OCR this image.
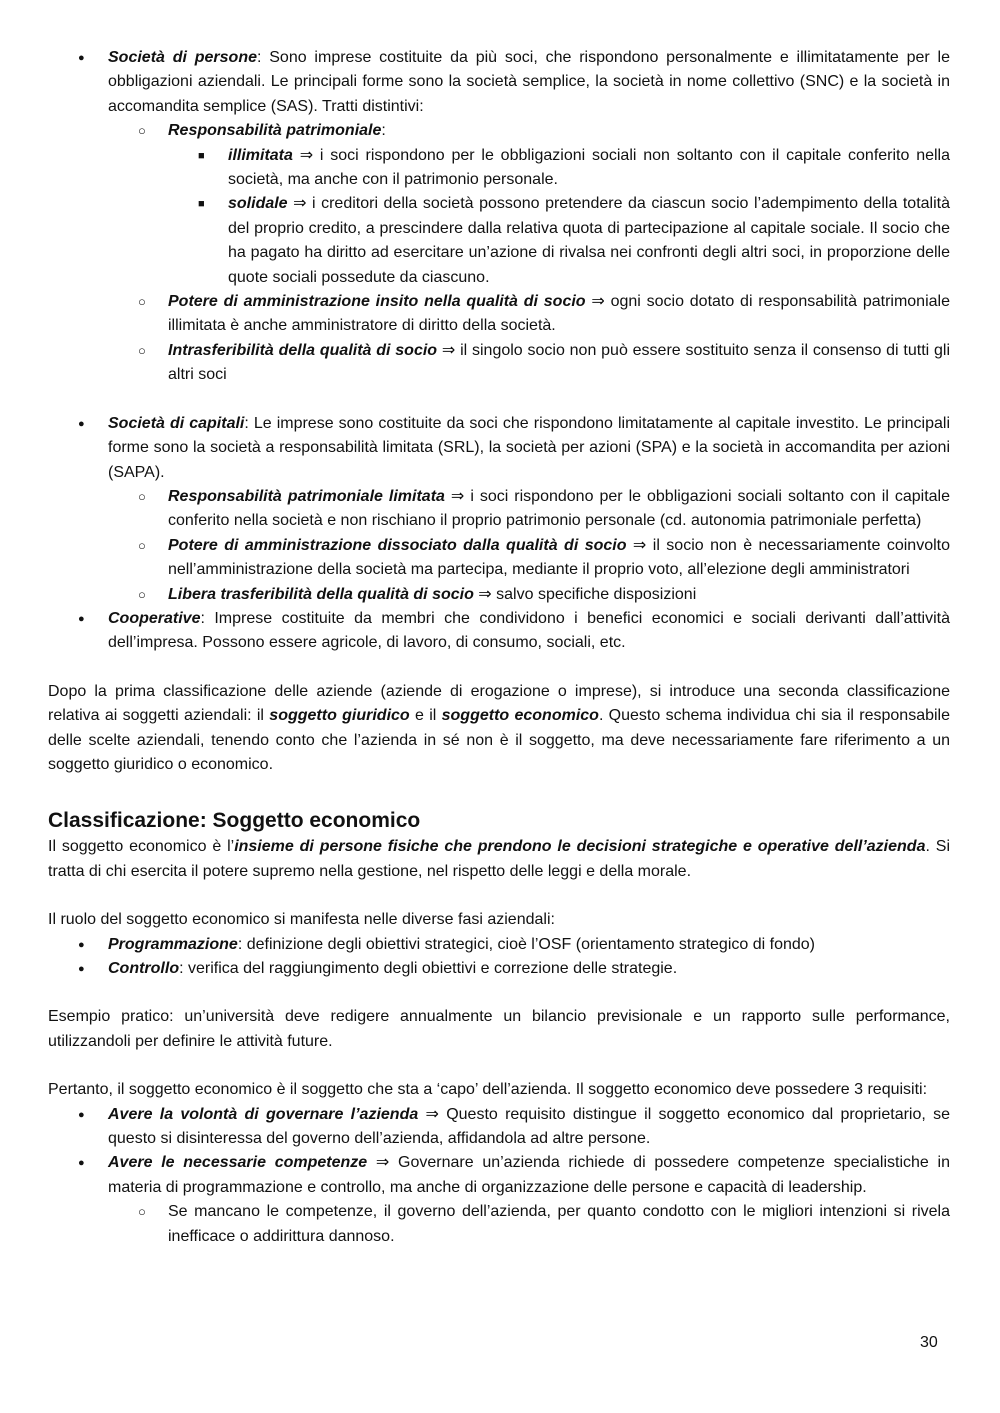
● Società di persone: Sono imprese costituite da più soci, che rispondono personalmente e illimitatamente per le obbligazioni aziendali. Le principali forme sono la società semplice, la società in nome collettivo (SNC) e la società in accomandita semplice (SAS). Tratti distintivi:
○ Responsabilità patrimoniale:
■ illimitata ⇒ i soci rispondono per le obbligazioni sociali non soltanto con il capitale conferito nella società, ma anche con il patrimonio personale.
■ solidale ⇒ i creditori della società possono pretendere da ciascun socio l’adempimento della totalità del proprio credito, a prescindere dalla relativa quota di partecipazione al capitale sociale. Il socio che ha pagato ha diritto ad esercitare un’azione di rivalsa nei confronti degli altri soci, in proporzione delle quote sociali possedute da ciascuno.
○ Potere di amministrazione insito nella qualità di socio ⇒ ogni socio dotato di responsabilità patrimoniale illimitata è anche amministratore di diritto della società.
○ Intrasferibilità della qualità di socio ⇒ il singolo socio non può essere sostituito senza il consenso di tutti gli altri soci
● Società di capitali: Le imprese sono costituite da soci che rispondono limitatamente al capitale investito. Le principali forme sono la società a responsabilità limitata (SRL), la società per azioni (SPA) e la società in accomandita per azioni (SAPA).
○ Responsabilità patrimoniale limitata ⇒ i soci rispondono per le obbligazioni sociali soltanto con il capitale conferito nella società e non rischiano il proprio patrimonio personale (cd. autonomia patrimoniale perfetta)
○ Potere di amministrazione dissociato dalla qualità di socio ⇒ il socio non è necessariamente coinvolto nell’amministrazione della società ma partecipa, mediante il proprio voto, all’elezione degli amministratori
○ Libera trasferibilità della qualità di socio ⇒ salvo specifiche disposizioni
● Cooperative: Imprese costituite da membri che condividono i benefici economici e sociali derivanti dall’attività dell’impresa. Possono essere agricole, di lavoro, di consumo, sociali, etc.

Dopo la prima classificazione delle aziende (aziende di erogazione o imprese), si introduce una seconda classificazione relativa ai soggetti aziendali: il soggetto giuridico e il soggetto economico. Questo schema individua chi sia il responsabile delle scelte aziendali, tenendo conto che l’azienda in sé non è il soggetto, ma deve necessariamente fare riferimento a un soggetto giuridico o economico.

Classificazione: Soggetto economico

Il soggetto economico è l’insieme di persone fisiche che prendono le decisioni strategiche e operative dell’azienda. Si tratta di chi esercita il potere supremo nella gestione, nel rispetto delle leggi e della morale.

Il ruolo del soggetto economico si manifesta nelle diverse fasi aziendali:

● Programmazione: definizione degli obiettivi strategici, cioè l’OSF (orientamento strategico di fondo)
● Controllo: verifica del raggiungimento degli obiettivi e correzione delle strategie.

Esempio pratico: un’università deve redigere annualmente un bilancio previsionale e un rapporto sulle performance, utilizzandoli per definire le attività future.

Pertanto, il soggetto economico è il soggetto che sta a ‘capo’ dell’azienda. Il soggetto economico deve possedere 3 requisiti:

● Avere la volontà di governare l’azienda ⇒ Questo requisito distingue il soggetto economico dal proprietario, se questo si disinteressa del governo dell’azienda, affidandola ad altre persone.
● Avere le necessarie competenze ⇒ Governare un’azienda richiede di possedere competenze specialistiche in materia di programmazione e controllo, ma anche di organizzazione delle persone e capacità di leadership.
○ Se mancano le competenze, il governo dell’azienda, per quanto condotto con le migliori intenzioni si rivela inefficace o addirittura dannoso.
30
